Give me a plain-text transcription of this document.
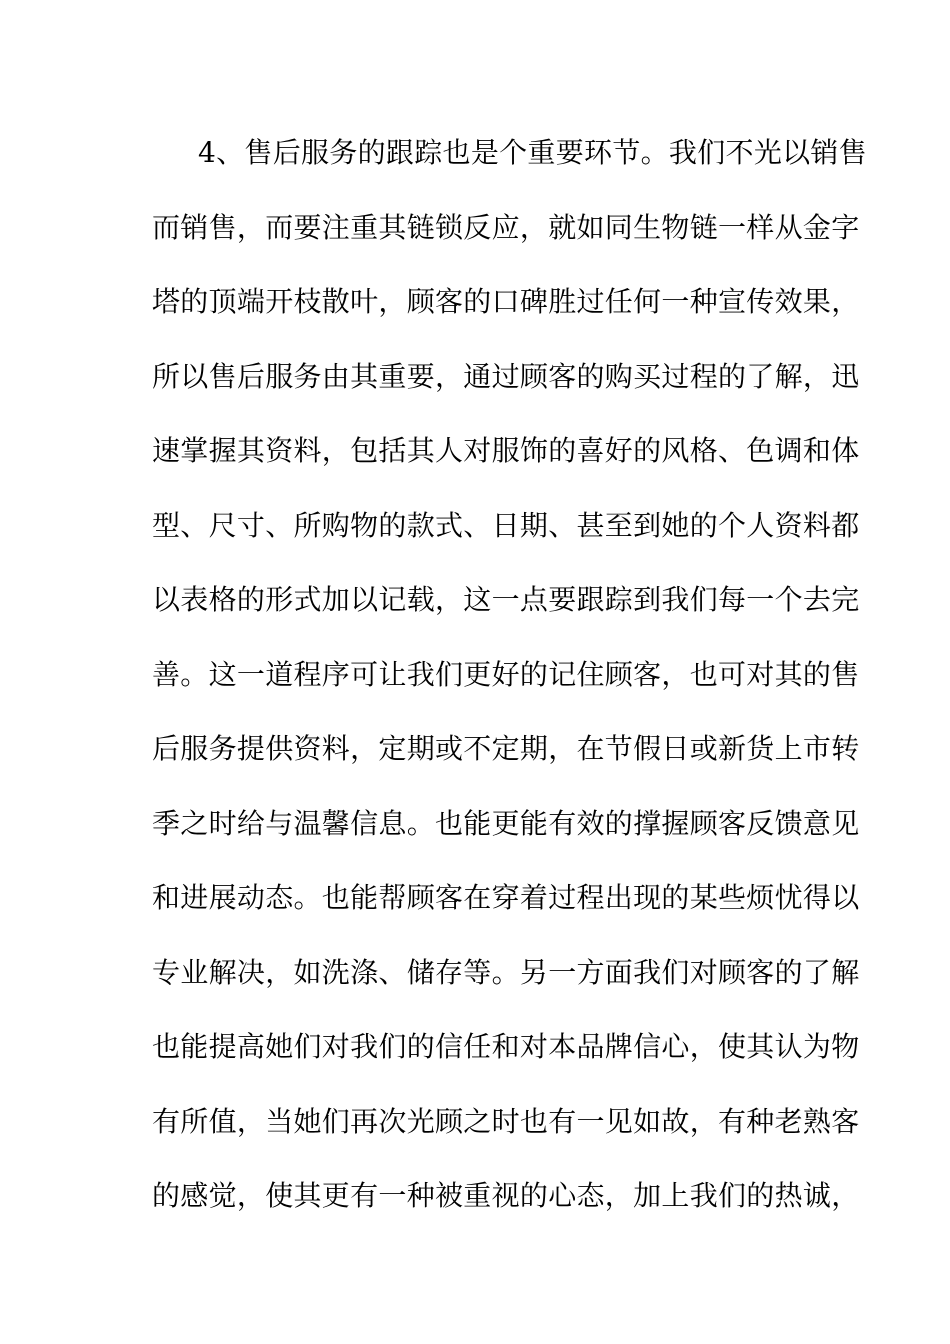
4、售后服务的跟踪也是个重要环节。我们不光以销售
而销售，而要注重其链锁反应，就如同生物链一样从金字
塔的顶端开枝散叶，顾客的口碑胜过任何一种宣传效果，
所以售后服务由其重要，通过顾客的购买过程的了解，迅
速掌握其资料，包括其人对服饰的喜好的风格、色调和体
型、尺寸、所购物的款式、日期、甚至到她的个人资料都
以表格的形式加以记载，这一点要跟踪到我们每一个去完
善。这一道程序可让我们更好的记住顾客，也可对其的售
后服务提供资料，定期或不定期，在节假日或新货上市转
季之时给与温馨信息。也能更能有效的撑握顾客反馈意见
和进展动态。也能帮顾客在穿着过程出现的某些烦忧得以
专业解决，如洗涤、储存等。另一方面我们对顾客的了解
也能提高她们对我们的信任和对本品牌信心，使其认为物
有所值，当她们再次光顾之时也有一见如故，有种老熟客
的感觉，使其更有一种被重视的心态，加上我们的热诚，
